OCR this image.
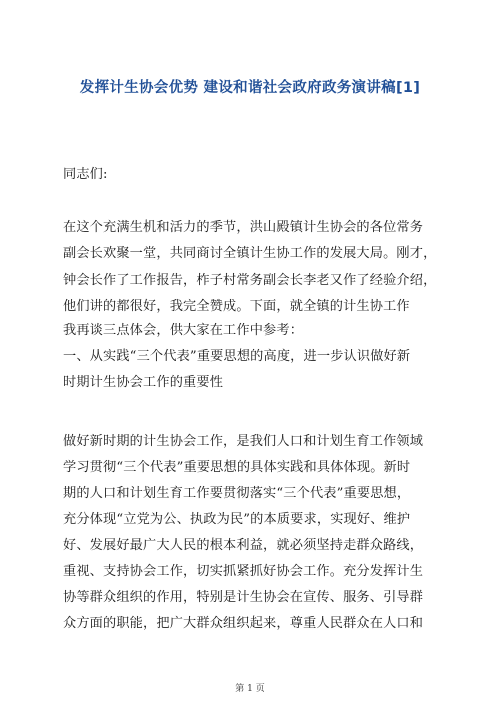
发挥计生协会优势 建设和谐社会政府政务演讲稿[1]
同志们:
在这个充满生机和活力的季节，洪山殿镇计生协会的各位常务
副会长欢聚一堂，共同商讨全镇计生协工作的发展大局。刚才，
钟会长作了工作报告，柞子村常务副会长李老又作了经验介绍，
他们讲的都很好，我完全赞成。下面，就全镇的计生协工作
我再谈三点体会，供大家在工作中参考：
一、从实践“三个代表”重要思想的高度，进一步认识做好新
时期计生协会工作的重要性
做好新时期的计生协会工作，是我们人口和计划生育工作领域
学习贯彻“三个代表”重要思想的具体实践和具体体现。新时
期的人口和计划生育工作要贯彻落实“三个代表”重要思想，
充分体现“立党为公、执政为民”的本质要求，实现好、维护
好、发展好最广大人民的根本利益，就必须坚持走群众路线，
重视、支持协会工作，切实抓紧抓好协会工作。充分发挥计生
协等群众组织的作用，特别是计生协会在宣传、服务、引导群
众方面的职能，把广大群众组织起来，尊重人民群众在人口和
第 1 页
